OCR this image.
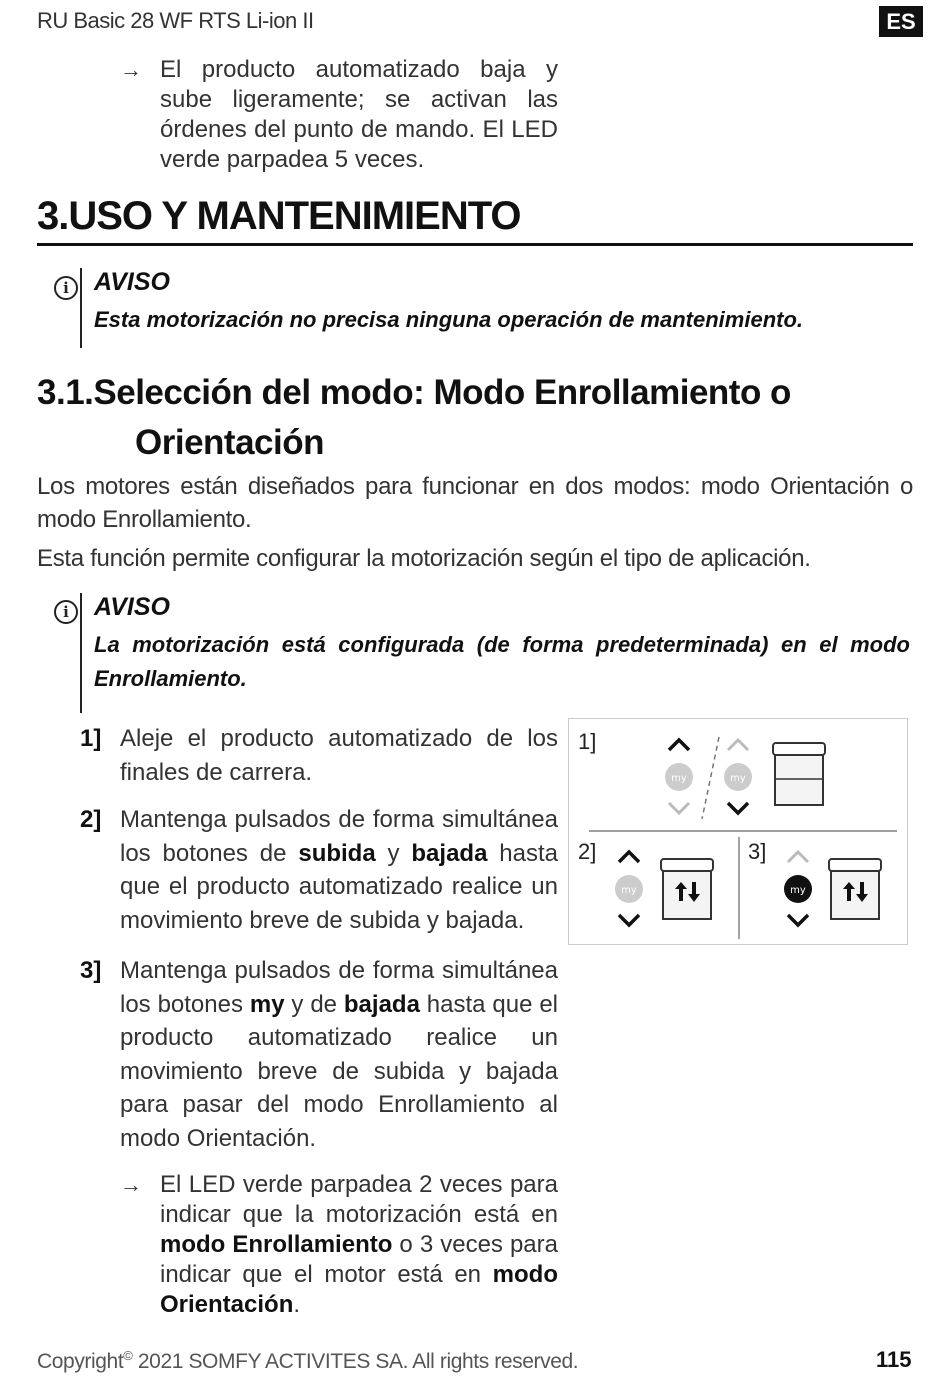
RU Basic 28 WF RTS Li-ion II	ES
→ El producto automatizado baja y sube ligeramente; se activan las órdenes del punto de mando. El LED verde parpadea 5 veces.
3.USO Y MANTENIMIENTO
i	AVISO
Esta motorización no precisa ninguna operación de mantenimiento.
3.1.Selección del modo: Modo Enrollamiento o
Orientación
Los motores están diseñados para funcionar en dos modos: modo Orientación o modo Enrollamiento.
Esta función permite configurar la motorización según el tipo de aplicación.
i	AVISO
La motorización está configurada (de forma predeterminada) en el modo Enrollamiento.
1] Aleje el producto automatizado de los finales de carrera.
2] Mantenga pulsados de forma simultánea los botones de subida y bajada hasta que el producto automatizado realice un movimiento breve de subida y bajada.
3] Mantenga pulsados de forma simultánea los botones my y de bajada hasta que el producto automatizado realice un movimiento breve de subida y bajada para pasar del modo Enrollamiento al modo Orientación.
→ El LED verde parpadea 2 veces para indicar que la motorización está en modo Enrollamiento o 3 veces para indicar que el motor está en modo Orientación.
1]
2]	3]
my	my
my	my
Copyright© 2021 SOMFY ACTIVITES SA. All rights reserved.	115
